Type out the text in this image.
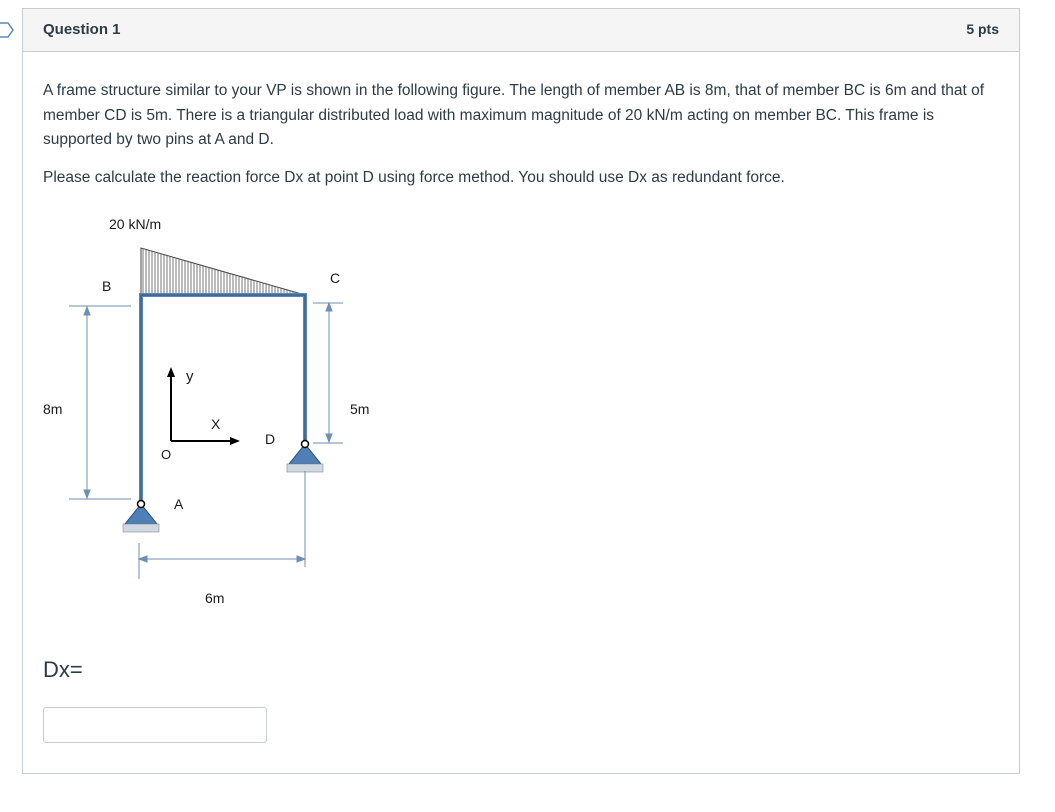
Question 1	5 pts

A frame structure similar to your VP is shown in the following figure. The length of member AB is 8m, that of member BC is 6m and that of member CD is 5m. There is a triangular distributed load with maximum magnitude of 20 kN/m acting on member BC. This frame is supported by two pins at A and D.

Please calculate the reaction force Dx at point D using force method. You should use Dx as redundant force.

B	C
A
D
O
X
y
20 kN/m
8m	5m
6m
Dx=
